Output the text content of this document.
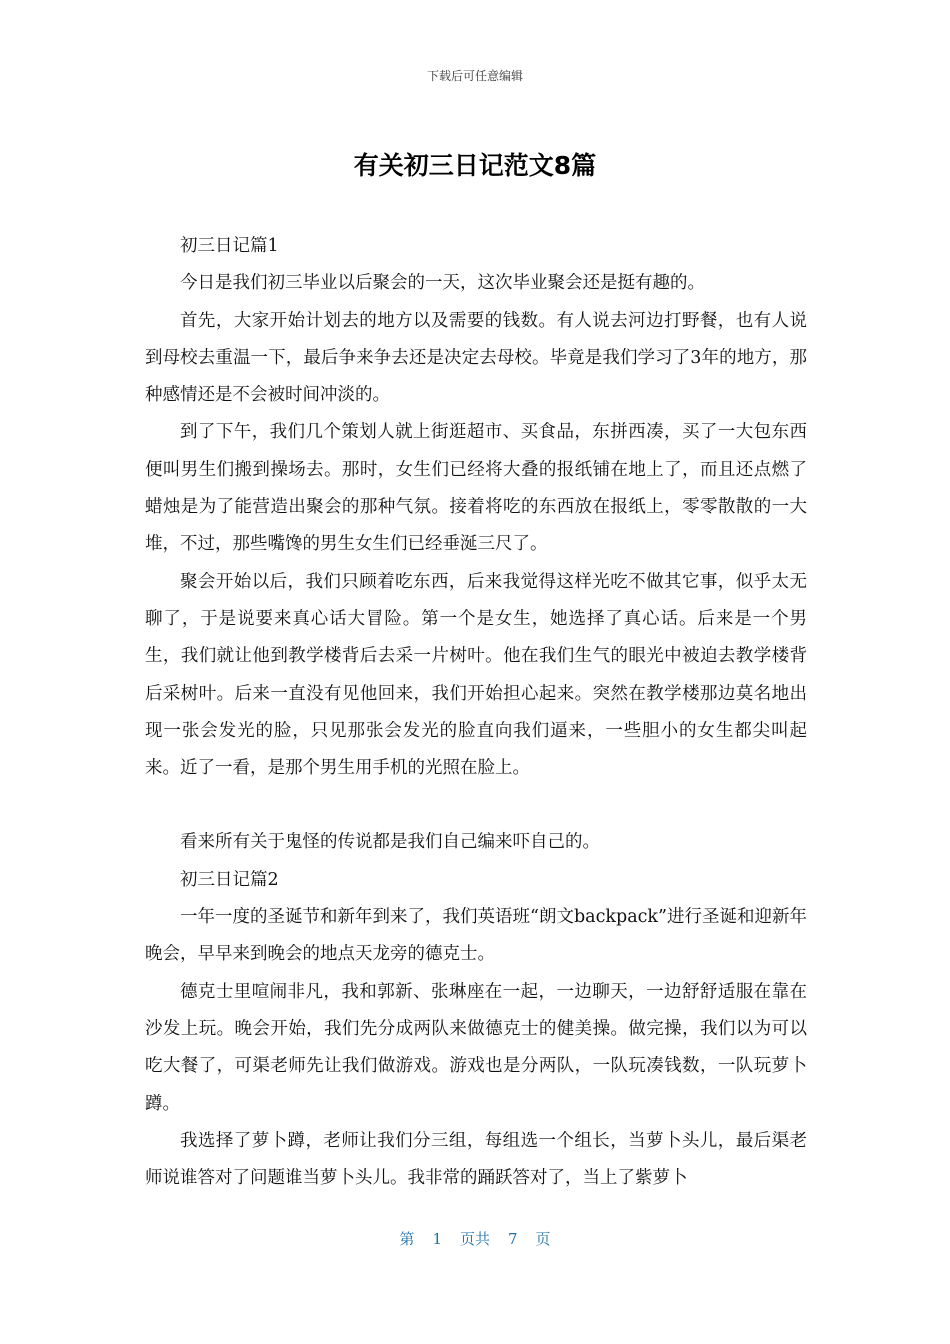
下载后可任意编辑
有关初三日记范文8篇

初三日记篇1

今日是我们初三毕业以后聚会的一天，这次毕业聚会还是挺有趣的。

首先，大家开始计划去的地方以及需要的钱数。有人说去河边打野餐，也有人说到母校去重温一下，最后争来争去还是决定去母校。毕竟是我们学习了3年的地方，那种感情还是不会被时间冲淡的。

到了下午，我们几个策划人就上街逛超市、买食品，东拼西凑，买了一大包东西便叫男生们搬到操场去。那时，女生们已经将大叠的报纸铺在地上了，而且还点燃了蜡烛是为了能营造出聚会的那种气氛。接着将吃的东西放在报纸上，零零散散的一大堆，不过，那些嘴馋的男生女生们已经垂涎三尺了。

聚会开始以后，我们只顾着吃东西，后来我觉得这样光吃不做其它事，似乎太无聊了，于是说要来真心话大冒险。第一个是女生，她选择了真心话。后来是一个男生，我们就让他到教学楼背后去采一片树叶。他在我们生气的眼光中被迫去教学楼背后采树叶。后来一直没有见他回来，我们开始担心起来。突然在教学楼那边莫名地出现一张会发光的脸，只见那张会发光的脸直向我们逼来，一些胆小的女生都尖叫起来。近了一看，是那个男生用手机的光照在脸上。

看来所有关于鬼怪的传说都是我们自己编来吓自己的。

初三日记篇2

一年一度的圣诞节和新年到来了，我们英语班“朗文backpack”进行圣诞和迎新年晚会，早早来到晚会的地点天龙旁的德克士。

德克士里喧闹非凡，我和郭新、张琳座在一起，一边聊天，一边舒舒适服在靠在沙发上玩。晚会开始，我们先分成两队来做德克士的健美操。做完操，我们以为可以吃大餐了，可渠老师先让我们做游戏。游戏也是分两队，一队玩凑钱数，一队玩萝卜蹲。

我选择了萝卜蹲，老师让我们分三组，每组选一个组长，当萝卜头儿，最后渠老师说谁答对了问题谁当萝卜头儿。我非常的踊跃答对了，当上了紫萝卜

第 1 页共 7 页
